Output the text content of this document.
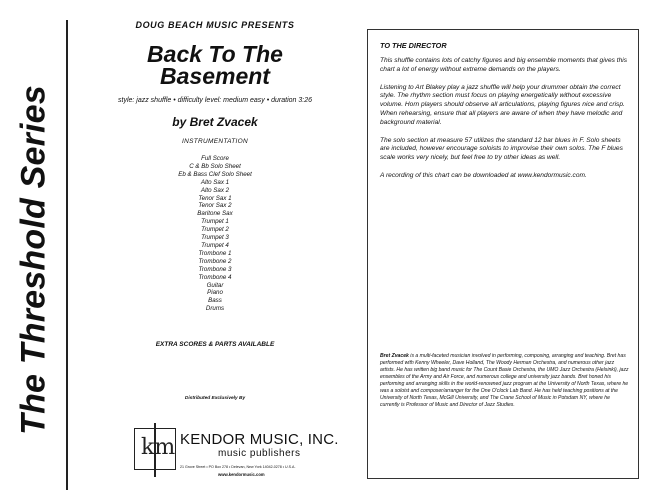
The Threshold Series
DOUG BEACH MUSIC PRESENTS
Back To The
Basement
style: jazz shuffle • difficulty level: medium easy • duration 3:26
by Bret Zvacek
INSTRUMENTATION
Full Score
C & Bb Solo Sheet
Eb & Bass Clef Solo Sheet
Alto Sax 1
Alto Sax 2
Tenor Sax 1
Tenor Sax 2
Baritone Sax
Trumpet 1
Trumpet 2
Trumpet 3
Trumpet 4
Trombone 1
Trombone 2
Trombone 3
Trombone 4
Guitar
Piano
Bass
Drums
EXTRA SCORES & PARTS AVAILABLE
Distributed Exclusively By
km KENDOR MUSIC, INC.
music publishers
21 Grove Street • PO Box 278 • Delevan, New York 14042-0278 • U.S.A.
www.kendormusic.com
TO THE DIRECTOR

This shuffle contains lots of catchy figures and big ensemble moments that gives this chart a lot of energy without extreme demands on the players.

Listening to Art Blakey play a jazz shuffle will help your drummer obtain the correct style. The rhythm section must focus on playing energetically without excessive volume. Horn players should observe all articulations, playing figures nice and crisp. When rehearsing, ensure that all players are aware of when they have melodic and background material.

The solo section at measure 57 utilizes the standard 12 bar blues in F. Solo sheets are included, however encourage soloists to improvise their own solos. The F blues scale works very nicely, but feel free to try other ideas as well.

A recording of this chart can be downloaded at www.kendormusic.com.

Bret Zvacek is a multi-faceted musician involved in performing, composing, arranging and teaching. Bret has performed with Kenny Wheeler, Dave Holland, The Woody Herman Orchestra, and numerous other jazz artists. He has written big band music for The Count Basie Orchestra, the UMO Jazz Orchestra (Helsinki), jazz ensembles of the Army and Air Force, and numerous college and university jazz bands. Bret honed his performing and arranging skills in the world-renowned jazz program at the University of North Texas, where he was a soloist and composer/arranger for the One O'clock Lab Band. He has held teaching positions at the University of North Texas, McGill University, and The Crane School of Music in Potsdam NY, where he currently is Professor of Music and Director of Jazz Studies.
